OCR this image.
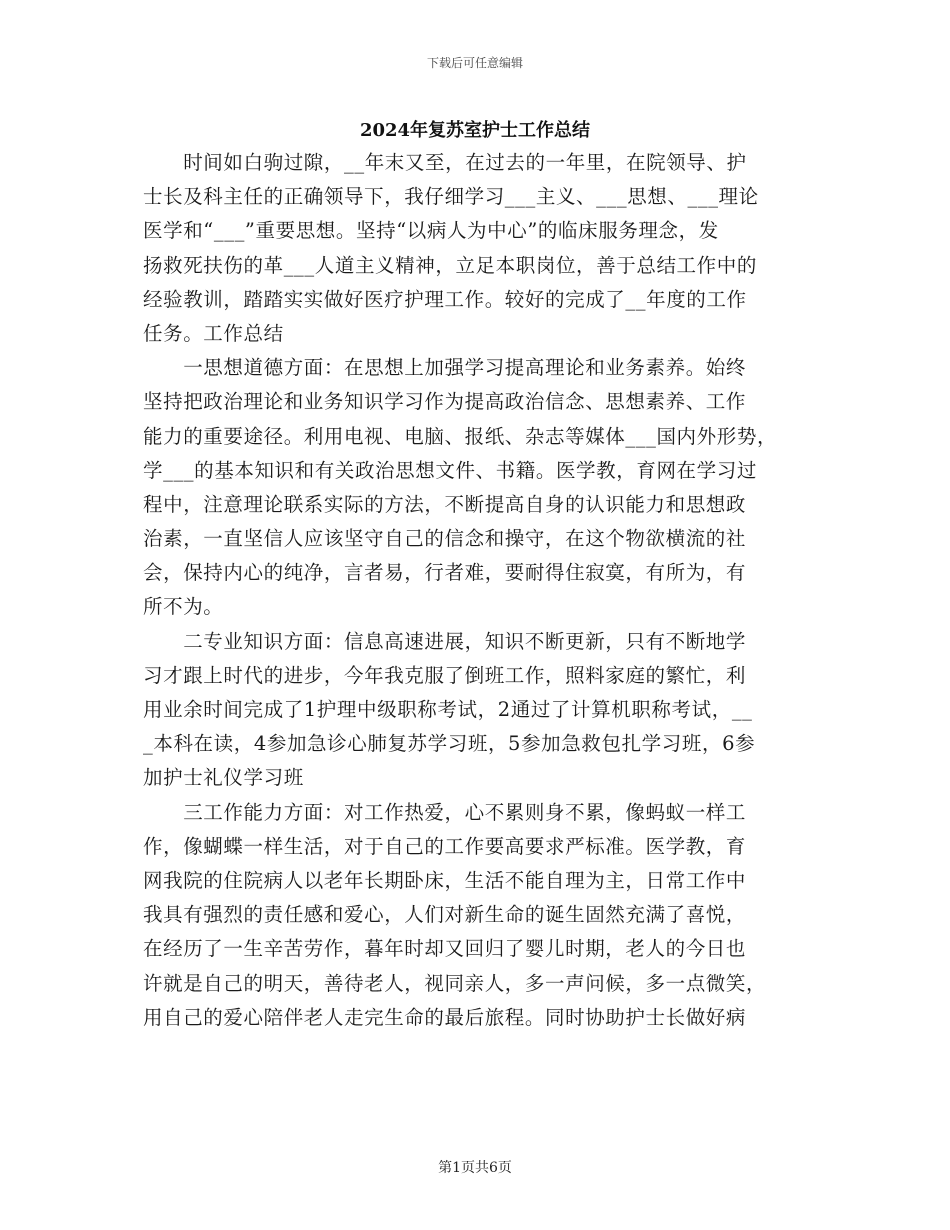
下载后可任意编辑
2024年复苏室护士工作总结
　　时间如白驹过隙，__年末又至，在过去的一年里，在院领导、护
士长及科主任的正确领导下，我仔细学习___主义、___思想、___理论
医学和“___”重要思想。坚持“以病人为中心”的临床服务理念，发
扬救死扶伤的革___人道主义精神，立足本职岗位，善于总结工作中的
经验教训，踏踏实实做好医疗护理工作。较好的完成了__年度的工作
任务。工作总结
　　一思想道德方面：在思想上加强学习提高理论和业务素养。始终
坚持把政治理论和业务知识学习作为提高政治信念、思想素养、工作
能力的重要途径。利用电视、电脑、报纸、杂志等媒体___国内外形势，
学___的基本知识和有关政治思想文件、书籍。医学教，育网在学习过
程中，注意理论联系实际的方法，不断提高自身的认识能力和思想政
治素，一直坚信人应该坚守自己的信念和操守，在这个物欲横流的社
会，保持内心的纯净，言者易，行者难，要耐得住寂寞，有所为，有
所不为。
　　二专业知识方面：信息高速进展，知识不断更新，只有不断地学
习才跟上时代的进步，今年我克服了倒班工作，照料家庭的繁忙，利
用业余时间完成了1护理中级职称考试，2通过了计算机职称考试，__
_本科在读，4参加急诊心肺复苏学习班，5参加急救包扎学习班，6参
加护士礼仪学习班
　　三工作能力方面：对工作热爱，心不累则身不累，像蚂蚁一样工
作，像蝴蝶一样生活，对于自己的工作要高要求严标准。医学教，育
网我院的住院病人以老年长期卧床，生活不能自理为主，日常工作中
我具有强烈的责任感和爱心，人们对新生命的诞生固然充满了喜悦，
在经历了一生辛苦劳作，暮年时却又回归了婴儿时期，老人的今日也
许就是自己的明天，善待老人，视同亲人，多一声问候，多一点微笑，
用自己的爱心陪伴老人走完生命的最后旅程。同时协助护士长做好病
第1页共6页
